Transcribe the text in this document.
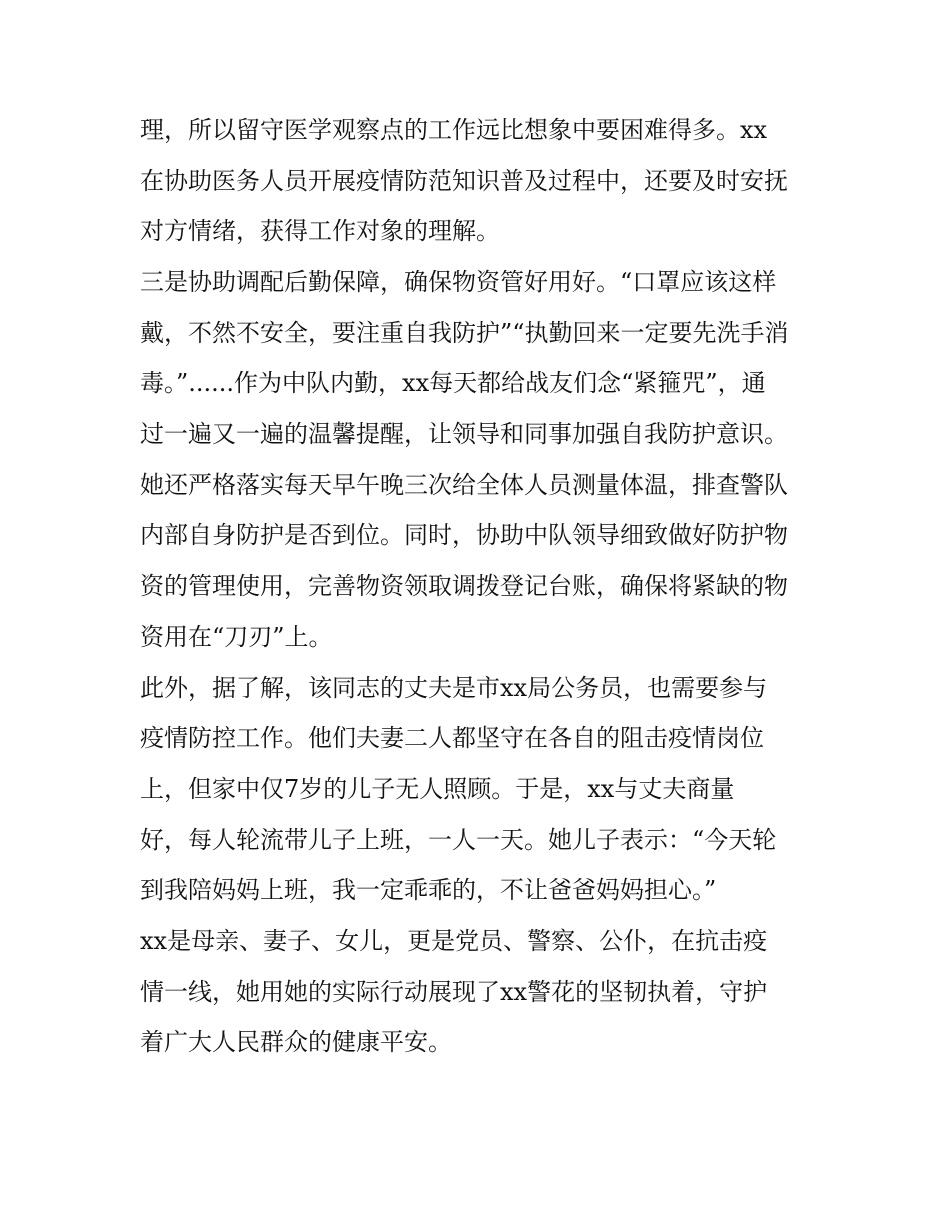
理，所以留守医学观察点的工作远比想象中要困难得多。xx

在协助医务人员开展疫情防范知识普及过程中，还要及时安抚

对方情绪，获得工作对象的理解。

三是协助调配后勤保障，确保物资管好用好。“口罩应该这样

戴，不然不安全，要注重自我防护”“执勤回来一定要先洗手消

毒。”......作为中队内勤，xx每天都给战友们念“紧箍咒”，通

过一遍又一遍的温馨提醒，让领导和同事加强自我防护意识。

她还严格落实每天早午晚三次给全体人员测量体温，排查警队

内部自身防护是否到位。同时，协助中队领导细致做好防护物

资的管理使用，完善物资领取调拨登记台账，确保将紧缺的物

资用在“刀刃”上。

此外，据了解，该同志的丈夫是市xx局公务员，也需要参与

疫情防控工作。他们夫妻二人都坚守在各自的阻击疫情岗位

上，但家中仅7岁的儿子无人照顾。于是，xx与丈夫商量

好，每人轮流带儿子上班，一人一天。她儿子表示：“今天轮

到我陪妈妈上班，我一定乖乖的，不让爸爸妈妈担心。”

xx是母亲、妻子、女儿，更是党员、警察、公仆，在抗击疫

情一线，她用她的实际行动展现了xx警花的坚韧执着，守护

着广大人民群众的健康平安。
